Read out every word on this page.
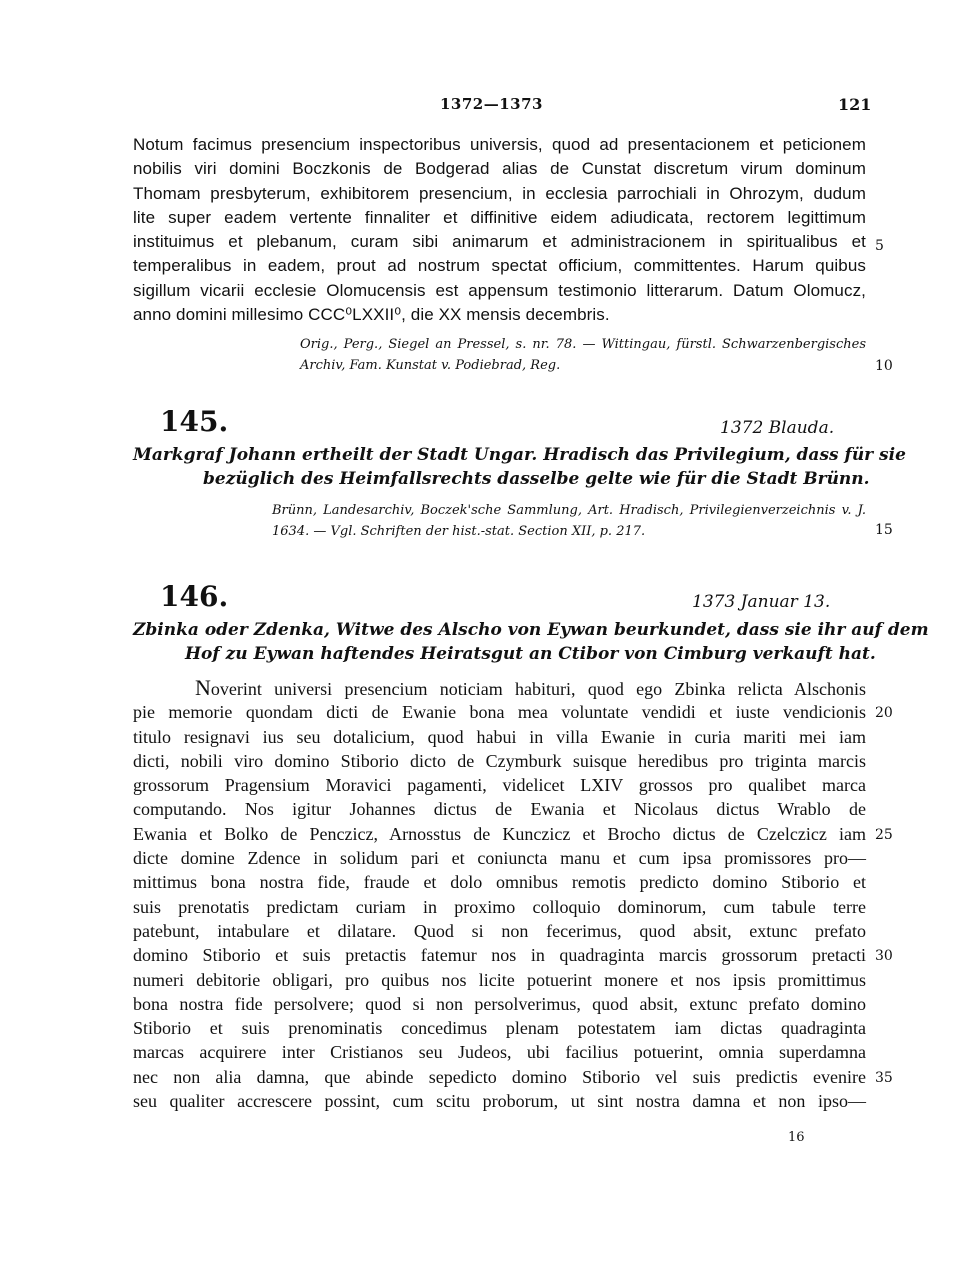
1372—1373	121
Notum facimus presencium inspectoribus universis, quod ad presentacionem et peticionem
nobilis viri domini Boczkonis de Bodgerad alias de Cunstat discretum virum dominum
Thomam presbyterum, exhibitorem presencium, in ecclesia parrochiali in Ohrozym, dudum
lite super eadem vertente finnaliter et diffinitive eidem adiudicata, rectorem legittimum
instituimus et plebanum, curam sibi animarum et administracionem in spiritualibus et
temperalibus in eadem, prout ad nostrum spectat officium, committentes. Harum quibus
sigillum vicarii ecclesie Olomucensis est appensum testimonio litterarum. Datum Olomucz,
anno domini millesimo CCC⁰LXXII⁰, die XX mensis decembris.
Orig., Perg., Siegel an Pressel, s. nr. 78. — Wittingau, fürstl. Schwarzenbergisches
Archiv, Fam. Kunstat v. Podiebrad, Reg.
145.	1372 Blauda.
Markgraf Johann ertheilt der Stadt Ungar. Hradisch das Privilegium, dass für sie
bezüglich des Heimfallsrechts dasselbe gelte wie für die Stadt Brünn.
Brünn, Landesarchiv, Boczek'sche Sammlung, Art. Hradisch, Privilegienverzeichnis v. J.
1634. — Vgl. Schriften der hist.-stat. Section XII, p. 217.
146.	1373 Januar 13.
Zbinka oder Zdenka, Witwe des Alscho von Eywan beurkundet, dass sie ihr auf dem
Hof zu Eywan haftendes Heiratsgut an Ctibor von Cimburg verkauft hat.
Noverint universi presencium noticiam habituri, quod ego Zbinka relicta Alschonis
pie memorie quondam dicti de Ewanie bona mea voluntate vendidi et iuste vendicionis
titulo resignavi ius seu dotalicium, quod habui in villa Ewanie in curia mariti mei iam
dicti, nobili viro domino Stiborio dicto de Czymburk suisque heredibus pro triginta marcis
grossorum Pragensium Moravici pagamenti, videlicet LXIV grossos pro qualibet marca
computando. Nos igitur Johannes dictus de Ewania et Nicolaus dictus Wrablo de
Ewania et Bolko de Penczicz, Arnosstus de Kunczicz et Brocho dictus de Czelczicz iam
dicte domine Zdence in solidum pari et coniuncta manu et cum ipsa promissores pro—
mittimus bona nostra fide, fraude et dolo omnibus remotis predicto domino Stiborio et
suis prenotatis predictam curiam in proximo colloquio dominorum, cum tabule terre
patebunt, intabulare et dilatare. Quod si non fecerimus, quod absit, extunc prefato
domino Stiborio et suis pretactis fatemur nos in quadraginta marcis grossorum pretacti
numeri debitorie obligari, pro quibus nos licite potuerint monere et nos ipsis promittimus
bona nostra fide persolvere; quod si non persolverimus, quod absit, extunc prefato domino
Stiborio et suis prenominatis concedimus plenam potestatem iam dictas quadraginta
marcas acquirere inter Cristianos seu Judeos, ubi facilius potuerint, omnia superdamna
nec non alia damna, que abinde sepedicto domino Stiborio vel suis predictis evenire
seu qualiter accrescere possint, cum scitu proborum, ut sint nostra damna et non ipso—
5
10
15
20
25
30
35
16
